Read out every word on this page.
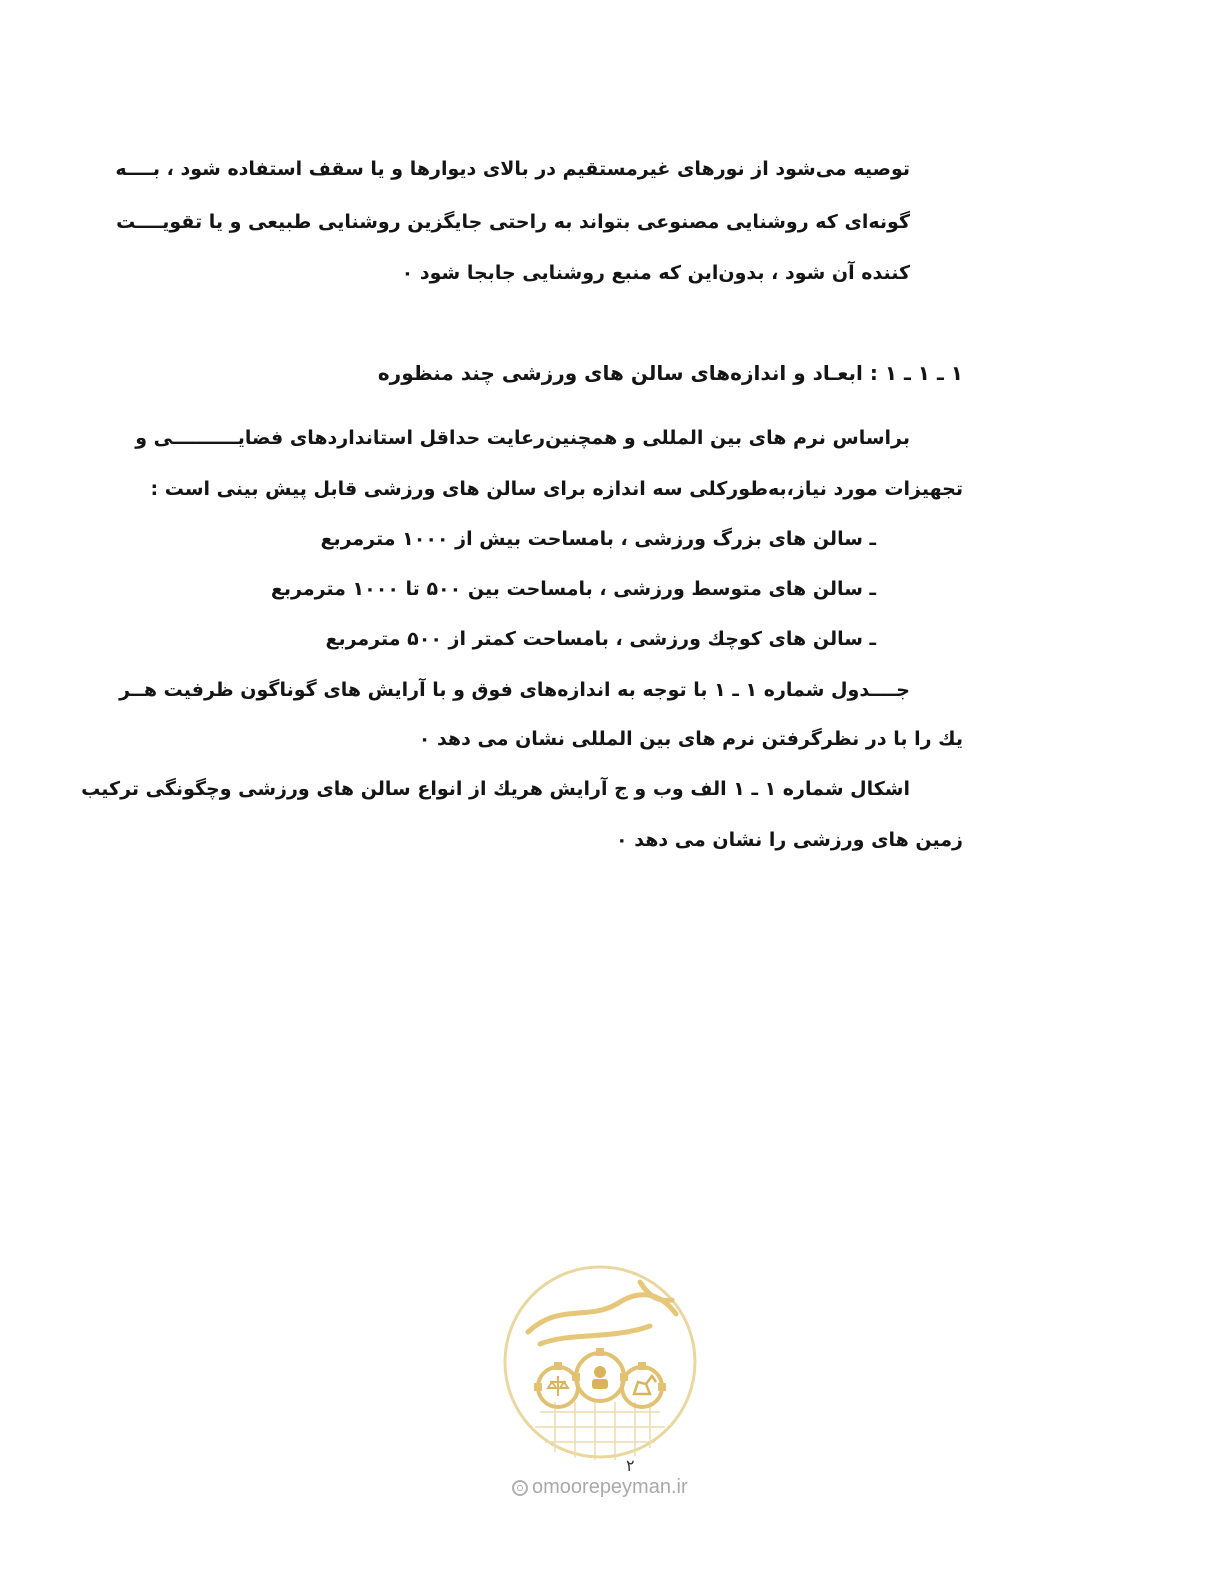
توصیه می‌شود از نورهای غیرمستقیم در بالای دیوارها و یا سقف استفاده شود ، بــــه
گونه‌ای که روشنایی مصنوعی بتواند به راحتی جایگزین روشنایی طبیعی و یا تقویــــت
کننده آن شود ، بدون‌این که منبع روشنایی جابجا شود ٠
۱ ـ ۱ ـ ۱ : ابعـاد و اندازه‌های سالن های ورزشی چند منظوره
براساس نرم های بین المللی و همچنین‌رعایت حداقل استانداردهای فضایــــــــــی و
تجهیزات مورد نیاز،به‌طورکلی سه اندازه برای سالن های ورزشی قابل پیش بینی است :
ـ سالن های بزرگ ورزشی ، بامساحت بیش از ۱۰۰۰ مترمربع
ـ سالن های متوسط ورزشی ، بامساحت بین ۵۰۰ تا ۱۰۰۰ مترمربع
ـ سالن های کوچك ورزشی ، بامساحت کمتر از ۵۰۰ مترمربع
جــــدول شماره ۱ ـ ۱ با توجه به اندازه‌های فوق و با آرایش های گوناگون ظرفیت هــر
یك را با در نظرگرفتن نرم های بین المللی نشان می دهد ٠
اشکال شماره ۱ ـ ۱ الف وب و ج آرایش هریك از انواع سالن های ورزشی وچگونگی ترکیب
زمین های ورزشی را نشان می دهد ٠
۲
omoorepeyman.ir
